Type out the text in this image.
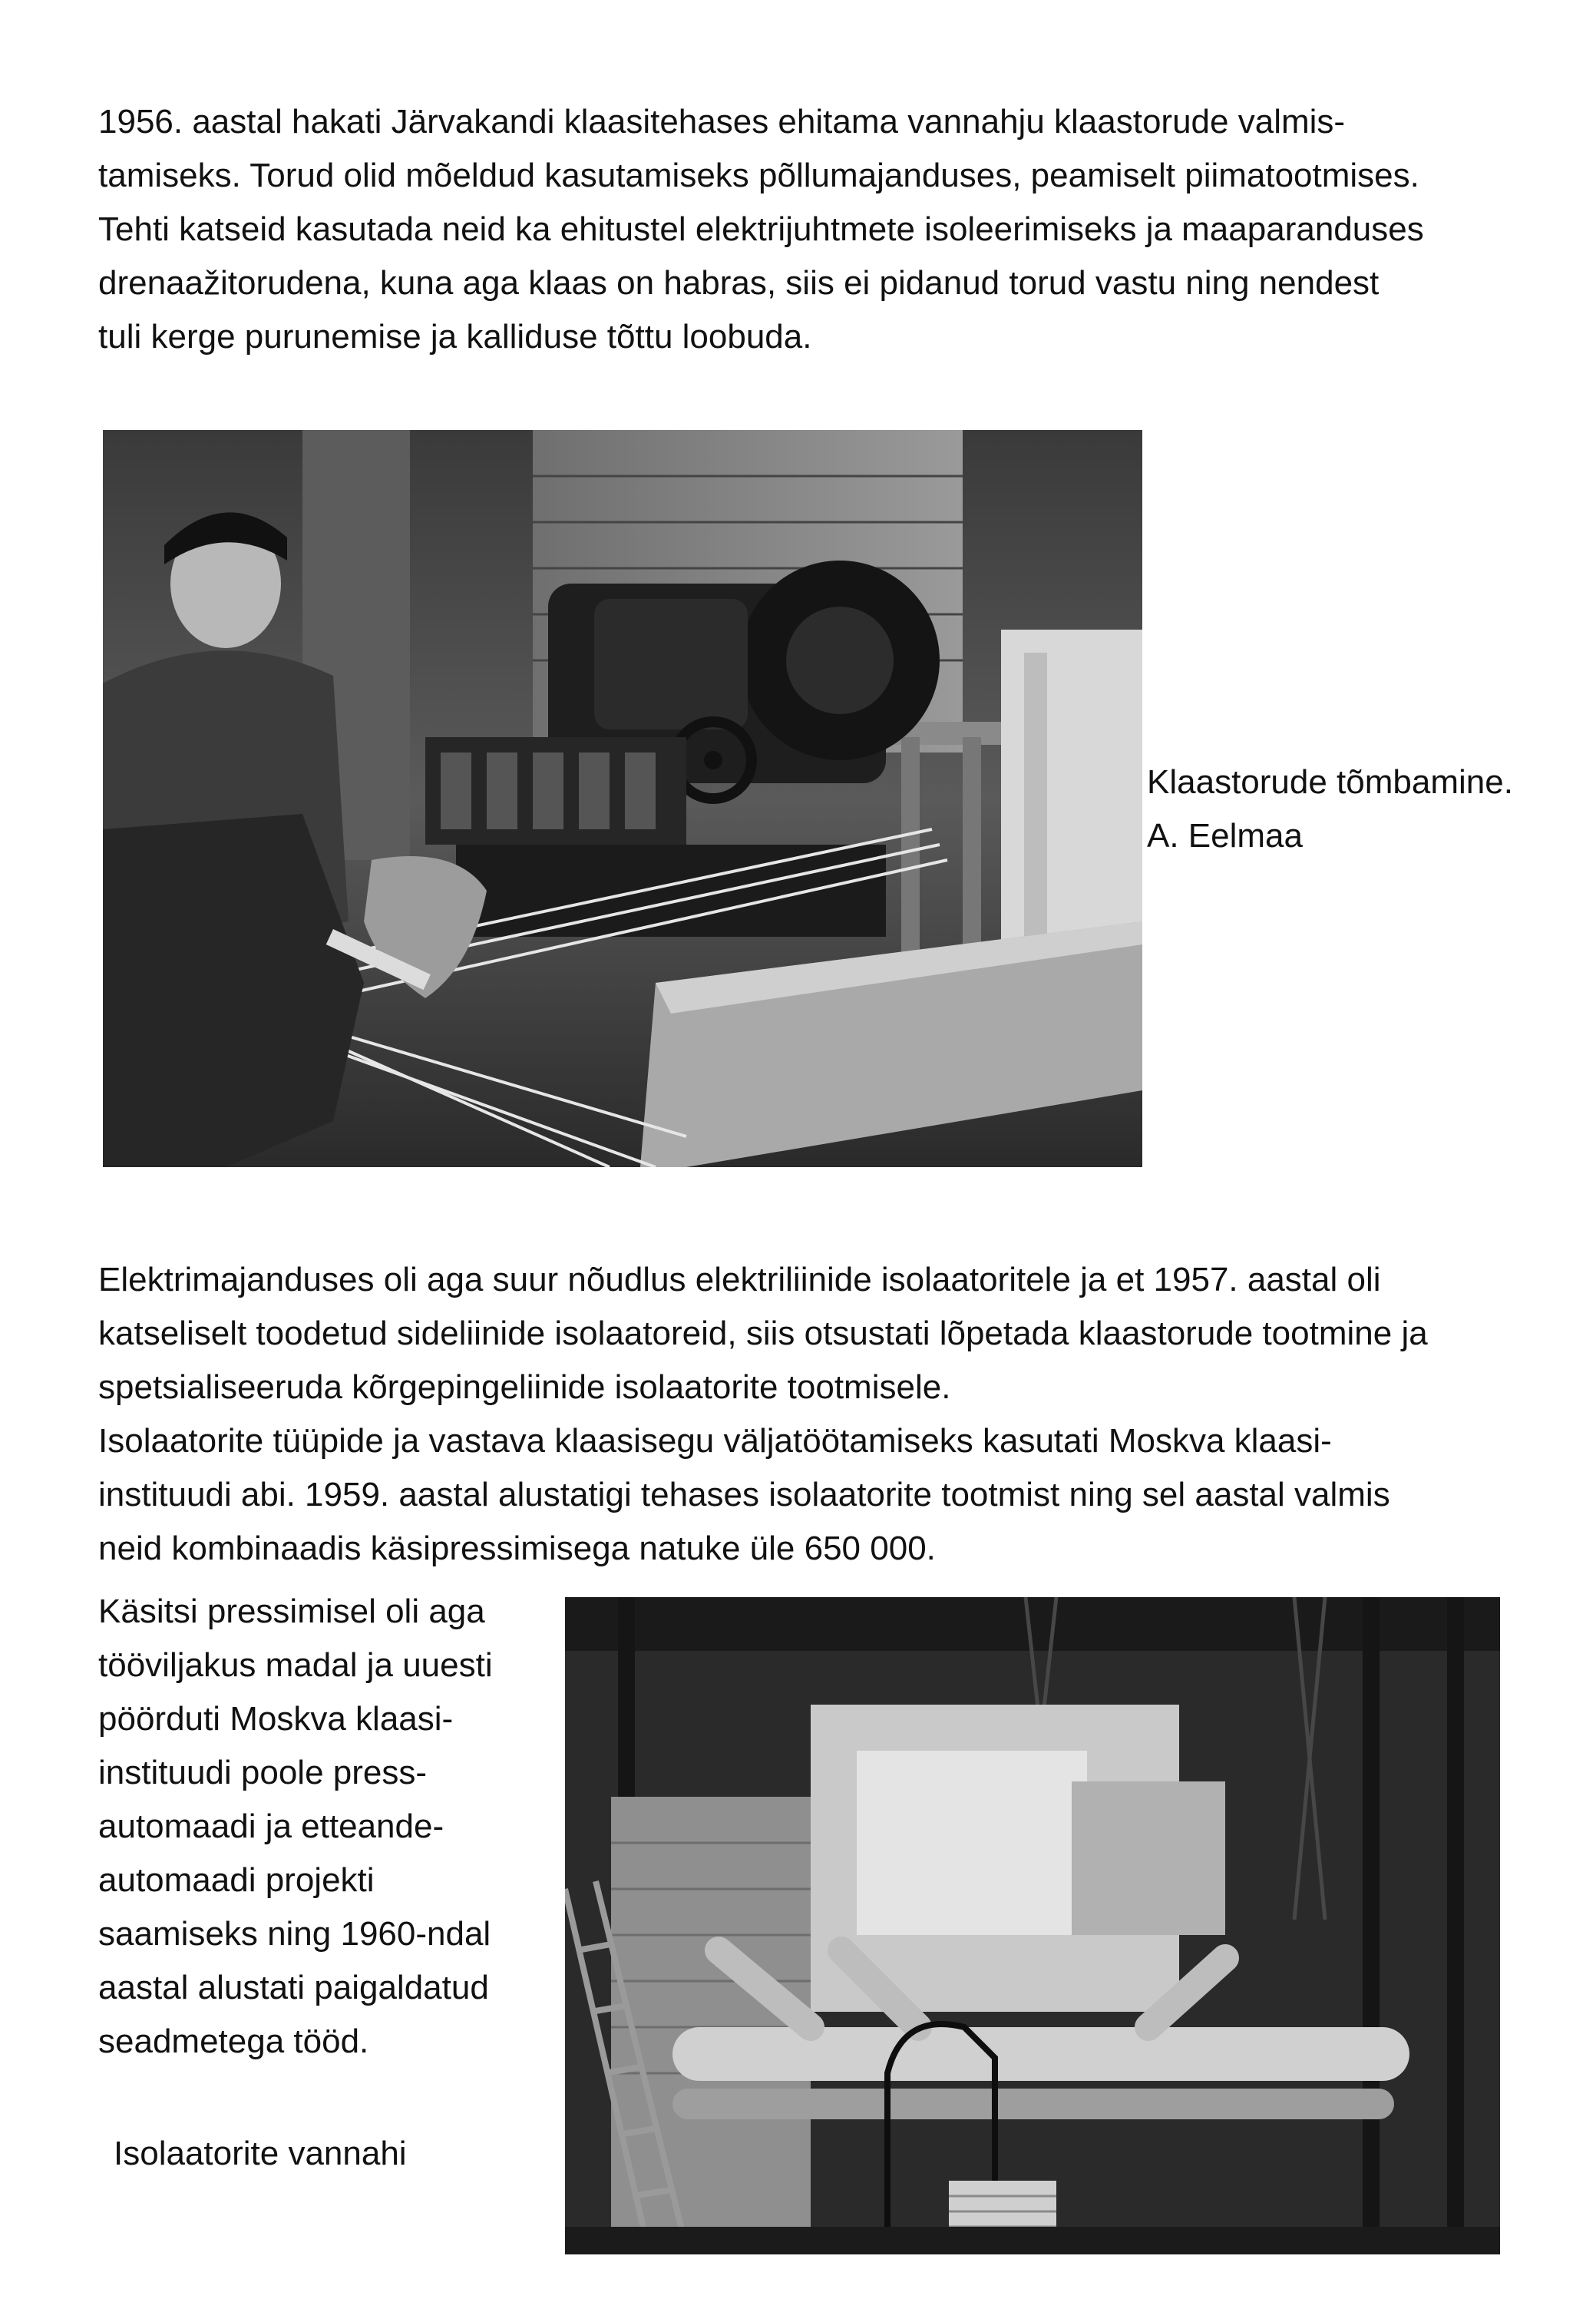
1956. aastal hakati Järvakandi klaasitehases ehitama vannahju klaastorude valmis-
tamiseks. Torud olid mõeldud kasutamiseks põllumajanduses, peamiselt piimatootmises.
Tehti katseid kasutada neid ka ehitustel elektrijuhtmete isoleerimiseks ja maaparanduses
drenaažitorudena, kuna aga klaas on habras, siis ei pidanud torud vastu ning nendest
tuli kerge purunemise ja kalliduse tõttu loobuda.
Klaastorude tõmbamine.
A. Eelmaa
Elektrimajanduses oli aga suur nõudlus elektriliinide isolaatoritele ja et 1957. aastal oli
katseliselt toodetud sideliinide isolaatoreid, siis otsustati lõpetada klaastorude tootmine ja
spetsialiseeruda kõrgepingeliinide isolaatorite tootmisele.
Isolaatorite tüüpide ja vastava klaasisegu väljatöötamiseks kasutati Moskva klaasi-
instituudi abi. 1959. aastal alustatigi tehases isolaatorite tootmist ning sel aastal valmis
neid kombinaadis käsipressimisega natuke üle 650 000.
Käsitsi pressimisel oli aga
tööviljakus madal ja uuesti
pöörduti Moskva klaasi-
instituudi poole press-
automaadi ja etteande-
automaadi projekti
saamiseks ning 1960-ndal
aastal alustati paigaldatud
seadmetega tööd.
Isolaatorite vannahi
